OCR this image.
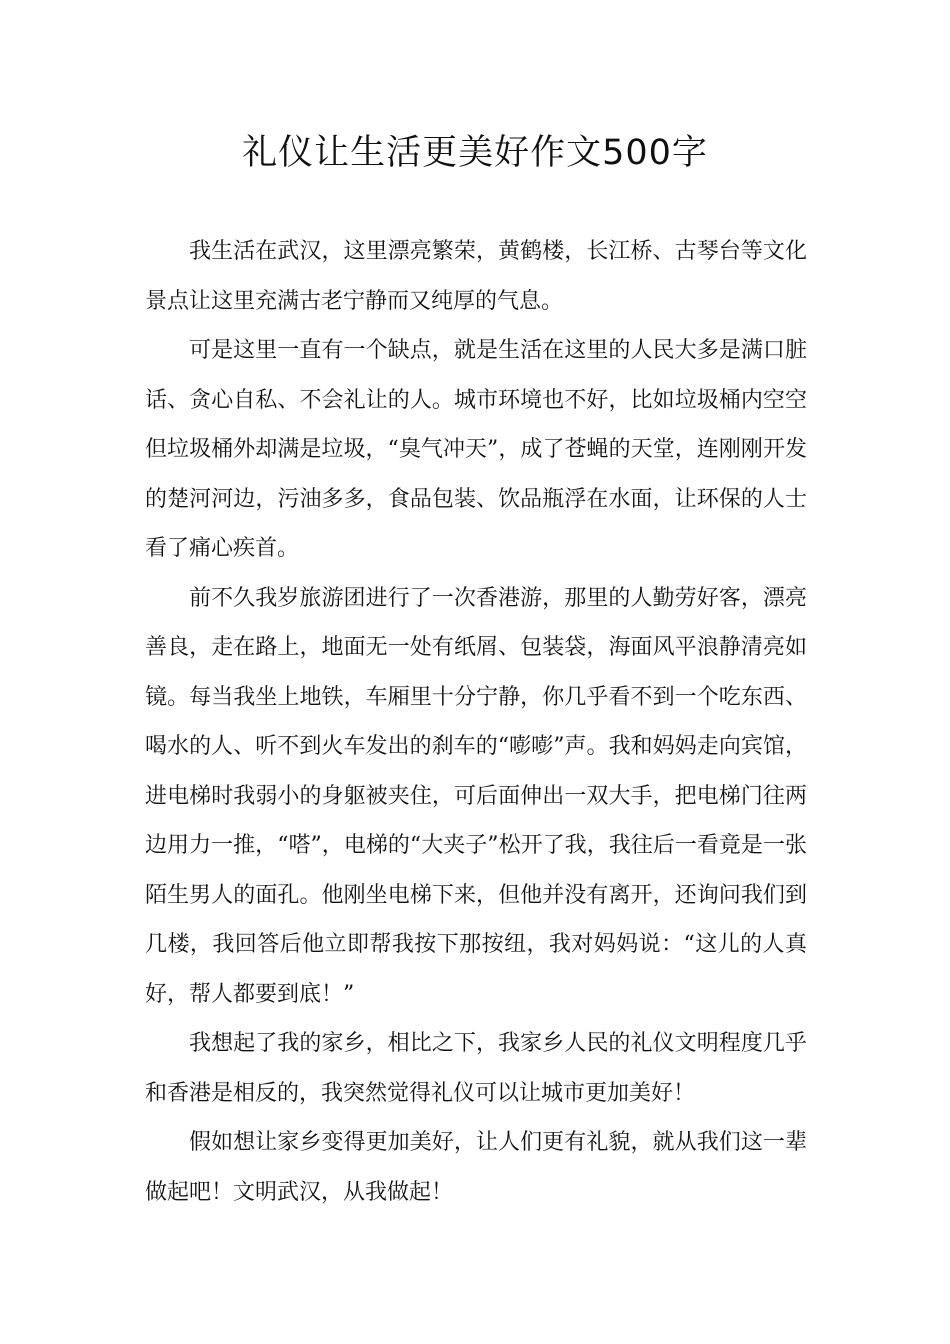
礼仪让生活更美好作文500字

我生活在武汉，这里漂亮繁荣，黄鹤楼，长江桥、古琴台等文化景点让这里充满古老宁静而又纯厚的气息。

可是这里一直有一个缺点，就是生活在这里的人民大多是满口脏话、贪心自私、不会礼让的人。城市环境也不好，比如垃圾桶内空空但垃圾桶外却满是垃圾，“臭气冲天”，成了苍蝇的天堂，连刚刚开发的楚河河边，污油多多，食品包装、饮品瓶浮在水面，让环保的人士看了痛心疾首。

前不久我岁旅游团进行了一次香港游，那里的人勤劳好客，漂亮善良，走在路上，地面无一处有纸屑、包装袋，海面风平浪静清亮如镜。每当我坐上地铁，车厢里十分宁静，你几乎看不到一个吃东西、喝水的人、听不到火车发出的刹车的“嘭嘭”声。我和妈妈走向宾馆，进电梯时我弱小的身躯被夹住，可后面伸出一双大手，把电梯门往两边用力一推，“嗒”，电梯的“大夹子”松开了我，我往后一看竟是一张陌生男人的面孔。他刚坐电梯下来，但他并没有离开，还询问我们到几楼，我回答后他立即帮我按下那按纽，我对妈妈说：“这儿的人真好，帮人都要到底！”

我想起了我的家乡，相比之下，我家乡人民的礼仪文明程度几乎和香港是相反的，我突然觉得礼仪可以让城市更加美好！

假如想让家乡变得更加美好，让人们更有礼貌，就从我们这一辈做起吧！文明武汉，从我做起！
